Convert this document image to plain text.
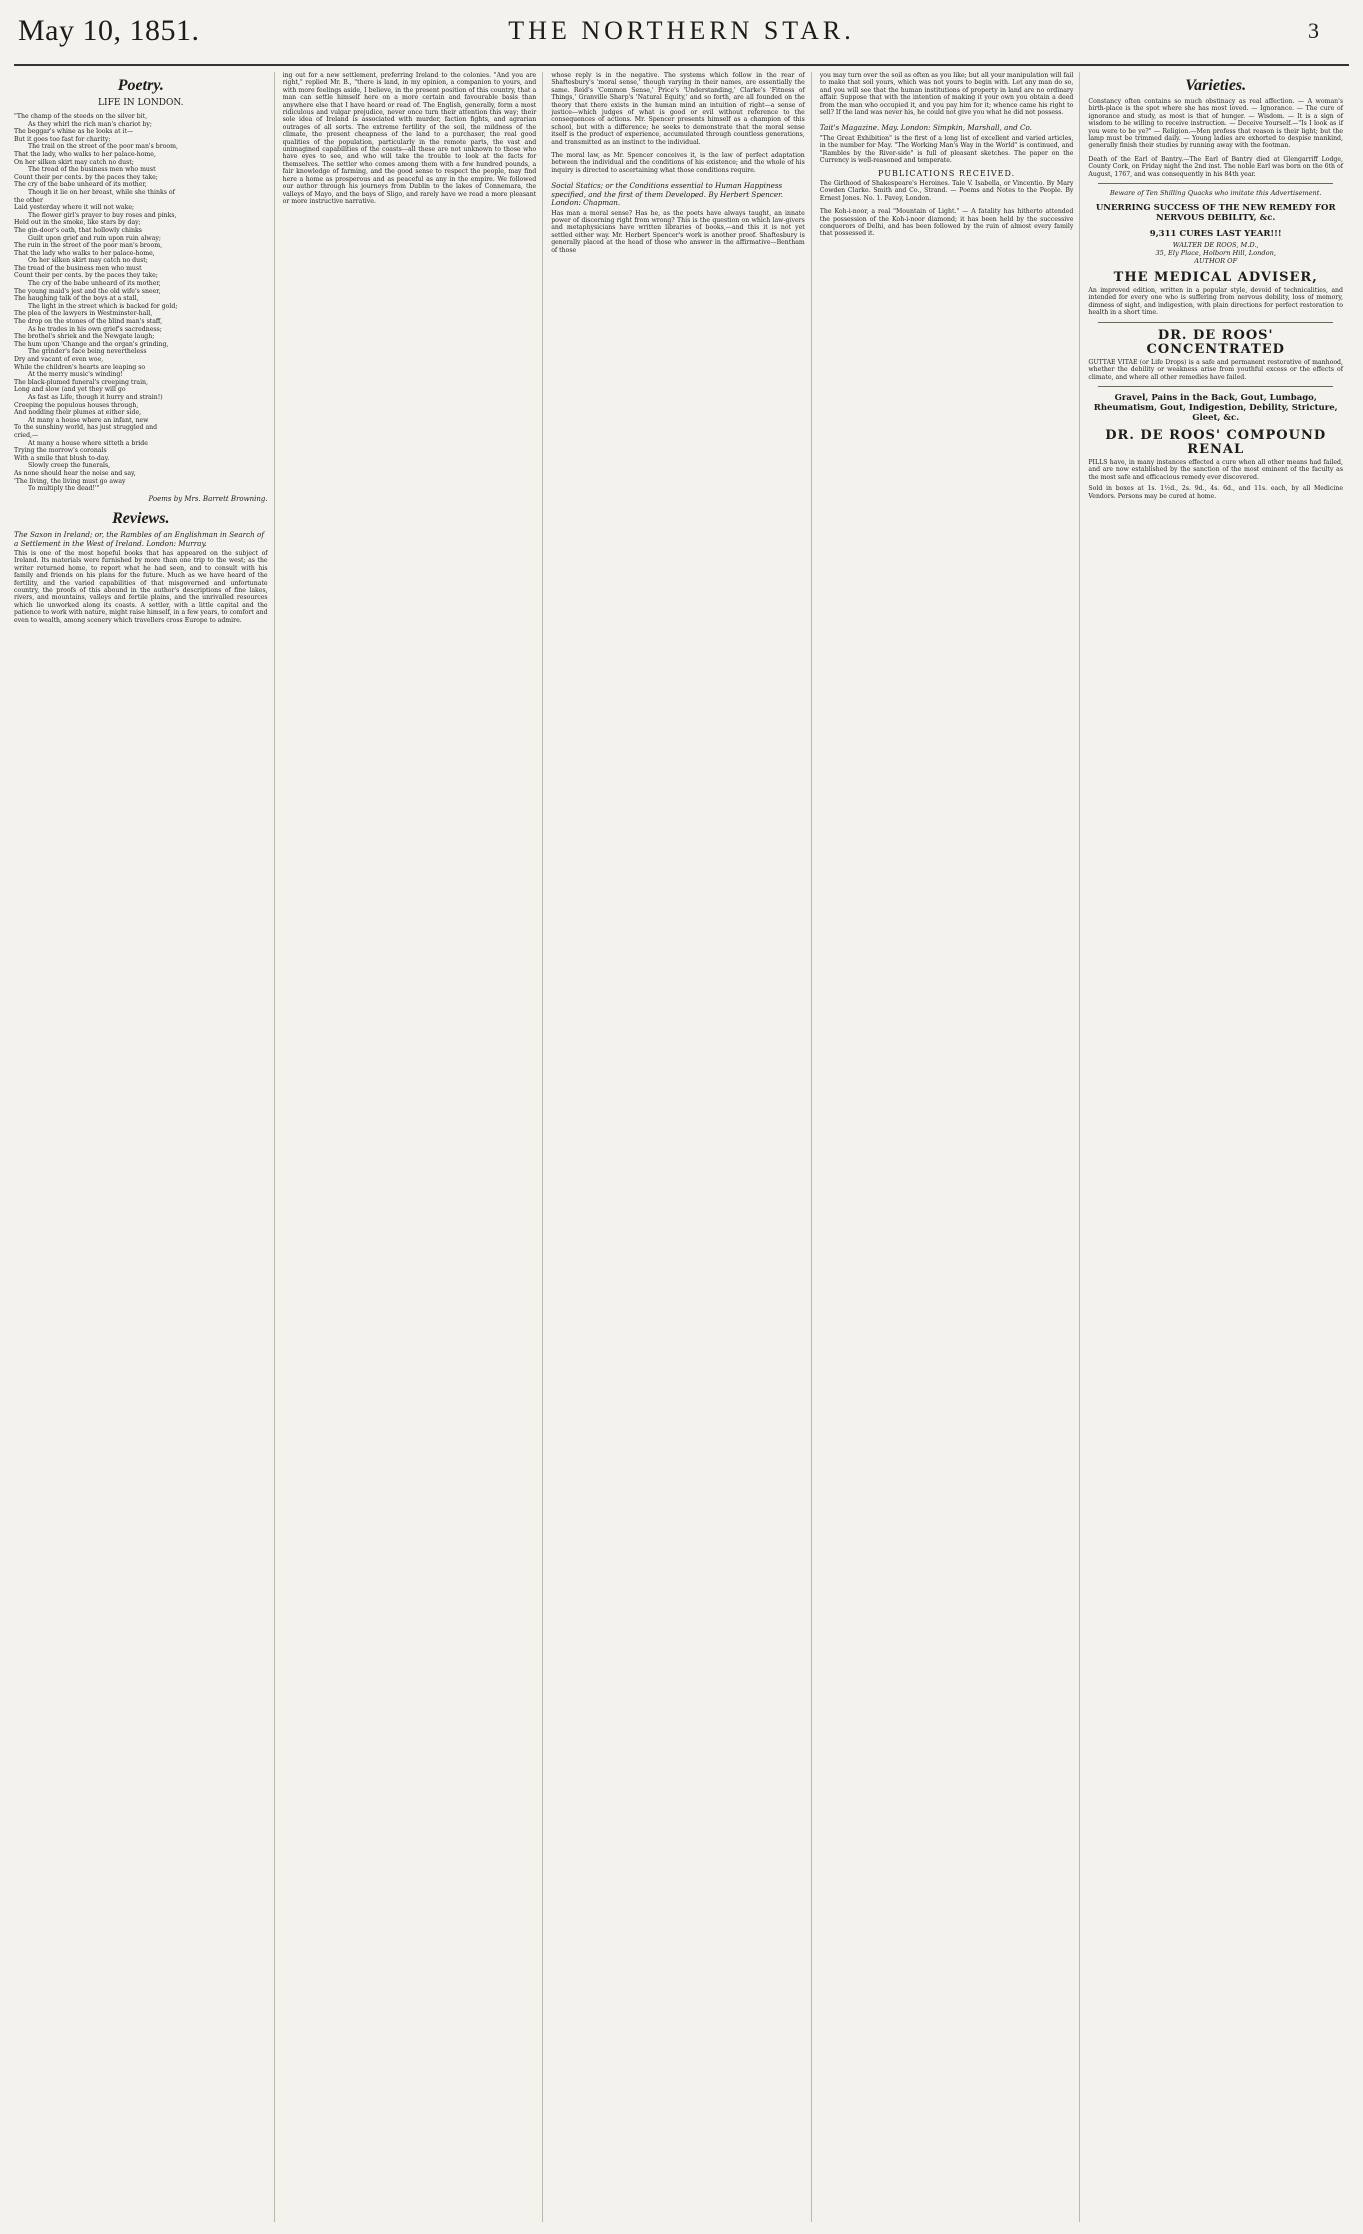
May 10, 1851.	THE NORTHERN STAR.	3
Poetry.
LIFE IN LONDON.
"The champ of the steeds on the silver bit,
As they whirl the rich man's chariot by;
The beggar's whine as he looks at it—
But it goes too fast for charity;
The trail on the street of the poor man's broom,
That the lady, who walks to her palace-home,
On her silken skirt may catch no dust;
The tread of the business men who must
Count their per cents. by the paces they take;
The cry of the babe unheard of its mother,
Though it lie on her breast, while she thinks of
the other
Laid yesterday where it will not wake;
The flower girl's prayer to buy roses and pinks,
Held out in the smoke, like stars by day;
The gin-door's oath, that hollowly chinks
Guilt upon grief and ruin upon ruin alway;
The ruin in the street of the poor man's broom,
That the lady who walks to her palace-home,
On her silken skirt may catch no dust;
The tread of the business men who must
Count their per cents. by the paces they take;
The cry of the babe unheard of its mother,
The young maid's jest and the old wife's sneer,
The haughing talk of the boys at a stall,
The light in the street which is backed for gold;
The plea of the lawyers in Westminster-hall,
The drop on the stones of the blind man's staff,
As he trades in his own grief's sacredness;
The brothel's shriek and the Newgate laugh;
The hum upon 'Change and the organ's grinding,
The grinder's face being nevertheless
Dry and vacant of even woe,
While the children's hearts are leaping so
At the merry music's winding!
The black-plumed funeral's creeping train,
Long and slow (and yet they will go
As fast as Life, though it hurry and strain!)
Creeping the populous houses through,
And nodding their plumes at either side,
At many a house where an infant, new
To the sunshiny world, has just struggled and
cried,—
At many a house where sitteth a bride
Trying the morrow's coronals
With a smile that blush to-day.
Slowly creep the funerals,
As none should hear the noise and say,
'The living, the living must go away
To multiply the dead!'"
Poems by Mrs. Barrett Browning.
Reviews.
The Saxon in Ireland; or, the Rambles of an Englishman in Search of a Settlement in the West of Ireland. London: Murray.
This is one of the most hopeful books that has appeared on the subject of Ireland. Its materials were furnished by more than one trip to the west; as the writer returned home, to report what he had seen, and to consult with his family and friends on his plans for the future. Much as we have heard of the fertility, and the varied capabilities of that misgoverned and unfortunate country, the proofs of this abound in the author's descriptions of fine lakes, rivers, and mountains, valleys and fertile plains, and the unrivalled resources which lie unworked along its coasts. A settler, with a little capital and the patience to work with nature, might raise himself, in a few years, to comfort and even to wealth, among scenery which travellers cross Europe to admire.
ing out for a new settlement, preferring Ireland to the colonies. "And you are right," replied Mr. B., "there is land, in my opinion, a companion to yours, and with more feelings aside, I believe, in the present position of this country, that a man can settle himself here on a more certain and favourable basis than anywhere else that I have heard or read of. The English, generally, form a most ridiculous and vulgar prejudice, never once turn their attention this way; their sole idea of Ireland is associated with murder, faction fights, and agrarian outrages of all sorts. The extreme fertility of the soil, the mildness of the climate, the present cheapness of the land to a purchaser, the real good qualities of the population, particularly in the remote parts, the vast and unimagined capabilities of the coasts—all these are not unknown to those who have eyes to see, and who will take the trouble to look at the facts for themselves. The settler who comes among them with a few hundred pounds, a fair knowledge of farming, and the good sense to respect the people, may find here a home as prosperous and as peaceful as any in the empire. We followed our author through his journeys from Dublin to the lakes of Connemara, the valleys of Mayo, and the bays of Sligo, and rarely have we read a more pleasant or more instructive narrative.
whose reply is in the negative. The systems which follow in the rear of Shaftesbury's 'moral sense,' though varying in their names, are essentially the same. Reid's 'Common Sense,' Price's 'Understanding,' Clarke's 'Fitness of Things,' Granville Sharp's 'Natural Equity,' and so forth, are all founded on the theory that there exists in the human mind an intuition of right—a sense of justice—which judges of what is good or evil without reference to the consequences of actions. Mr. Spencer presents himself as a champion of this school, but with a difference; he seeks to demonstrate that the moral sense itself is the product of experience, accumulated through countless generations, and transmitted as an instinct to the individual.
The moral law, as Mr. Spencer conceives it, is the law of perfect adaptation between the individual and the conditions of his existence; and the whole of his inquiry is directed to ascertaining what those conditions require.
Social Statics; or the Conditions essential to Human Happiness specified, and the first of them Developed. By Herbert Spencer. London: Chapman.
Has man a moral sense? Has he, as the poets have always taught, an innate power of discerning right from wrong? This is the question on which law-givers and metaphysicians have written libraries of books,—and this it is not yet settled either way. Mr. Herbert Spencer's work is another proof. Shaftesbury is generally placed at the head of those who answer in the affirmative—Bentham of those
you may turn over the soil as often as you like; but all your manipulation will fail to make that soil yours, which was not yours to begin with. Let any man do so, and you will see that the human institutions of property in land are no ordinary affair. Suppose that with the intention of making it your own you obtain a deed from the man who occupied it, and you pay him for it; whence came his right to sell? If the land was never his, he could not give you what he did not possess.
Tait's Magazine. May. London: Simpkin, Marshall, and Co.
"The Great Exhibition" is the first of a long list of excellent and varied articles, in the number for May. "The Working Man's Way in the World" is continued, and "Rambles by the River-side" is full of pleasant sketches. The paper on the Currency is well-reasoned and temperate.
PUBLICATIONS RECEIVED.
The Girlhood of Shakespeare's Heroines. Tale V. Isabella, or Vincentio. By Mary Cowden Clarke. Smith and Co., Strand. — Poems and Notes to the People. By Ernest Jones. No. 1. Pavey, London.
The Koh-i-noor, a real "Mountain of Light." — A fatality has hitherto attended the possession of the Koh-i-noor diamond; it has been held by the successive conquerors of Delhi, and has been followed by the ruin of almost every family that possessed it.
Varieties.
Constancy often contains so much obstinacy as real affection. — A woman's birth-place is the spot where she has most loved. — Ignorance. — The cure of ignorance and study, as most is that of hunger. — Wisdom. — It is a sign of wisdom to be willing to receive instruction. — Deceive Yourself.—"Is I look as if you were to be ye?" — Religion.—Men profess that reason is their light; but the lamp must be trimmed daily. — Young ladies are exhorted to despise mankind, generally finish their studies by running away with the footman.
Death of the Earl of Bantry.—The Earl of Bantry died at Glengarriff Lodge, County Cork, on Friday night the 2nd inst. The noble Earl was born on the 6th of August, 1767, and was consequently in his 84th year.
Beware of Ten Shilling Quacks who imitate this Advertisement.
UNERRING SUCCESS OF THE NEW REMEDY FOR NERVOUS DEBILITY, &c.
9,311 CURES LAST YEAR!!!
WALTER DE ROOS, M.D.,
35, Ely Place, Holborn Hill, London,
AUTHOR OF
THE MEDICAL ADVISER,
An improved edition, written in a popular style, devoid of technicalities, and intended for every one who is suffering from nervous debility, loss of memory, dimness of sight, and indigestion, with plain directions for perfect restoration to health in a short time.
DR. DE ROOS' CONCENTRATED
GUTTAE VITAE (or Life Drops) is a safe and permanent restorative of manhood, whether the debility or weakness arise from youthful excess or the effects of climate, and where all other remedies have failed.
Gravel, Pains in the Back, Gout, Lumbago, Rheumatism, Gout, Indigestion, Debility, Stricture, Gleet, &c.
DR. DE ROOS' COMPOUND RENAL
PILLS have, in many instances effected a cure when all other means had failed, and are now established by the sanction of the most eminent of the faculty as the most safe and efficacious remedy ever discovered.
Sold in boxes at 1s. 1½d., 2s. 9d., 4s. 6d., and 11s. each, by all Medicine Vendors. Persons may be cured at home.
